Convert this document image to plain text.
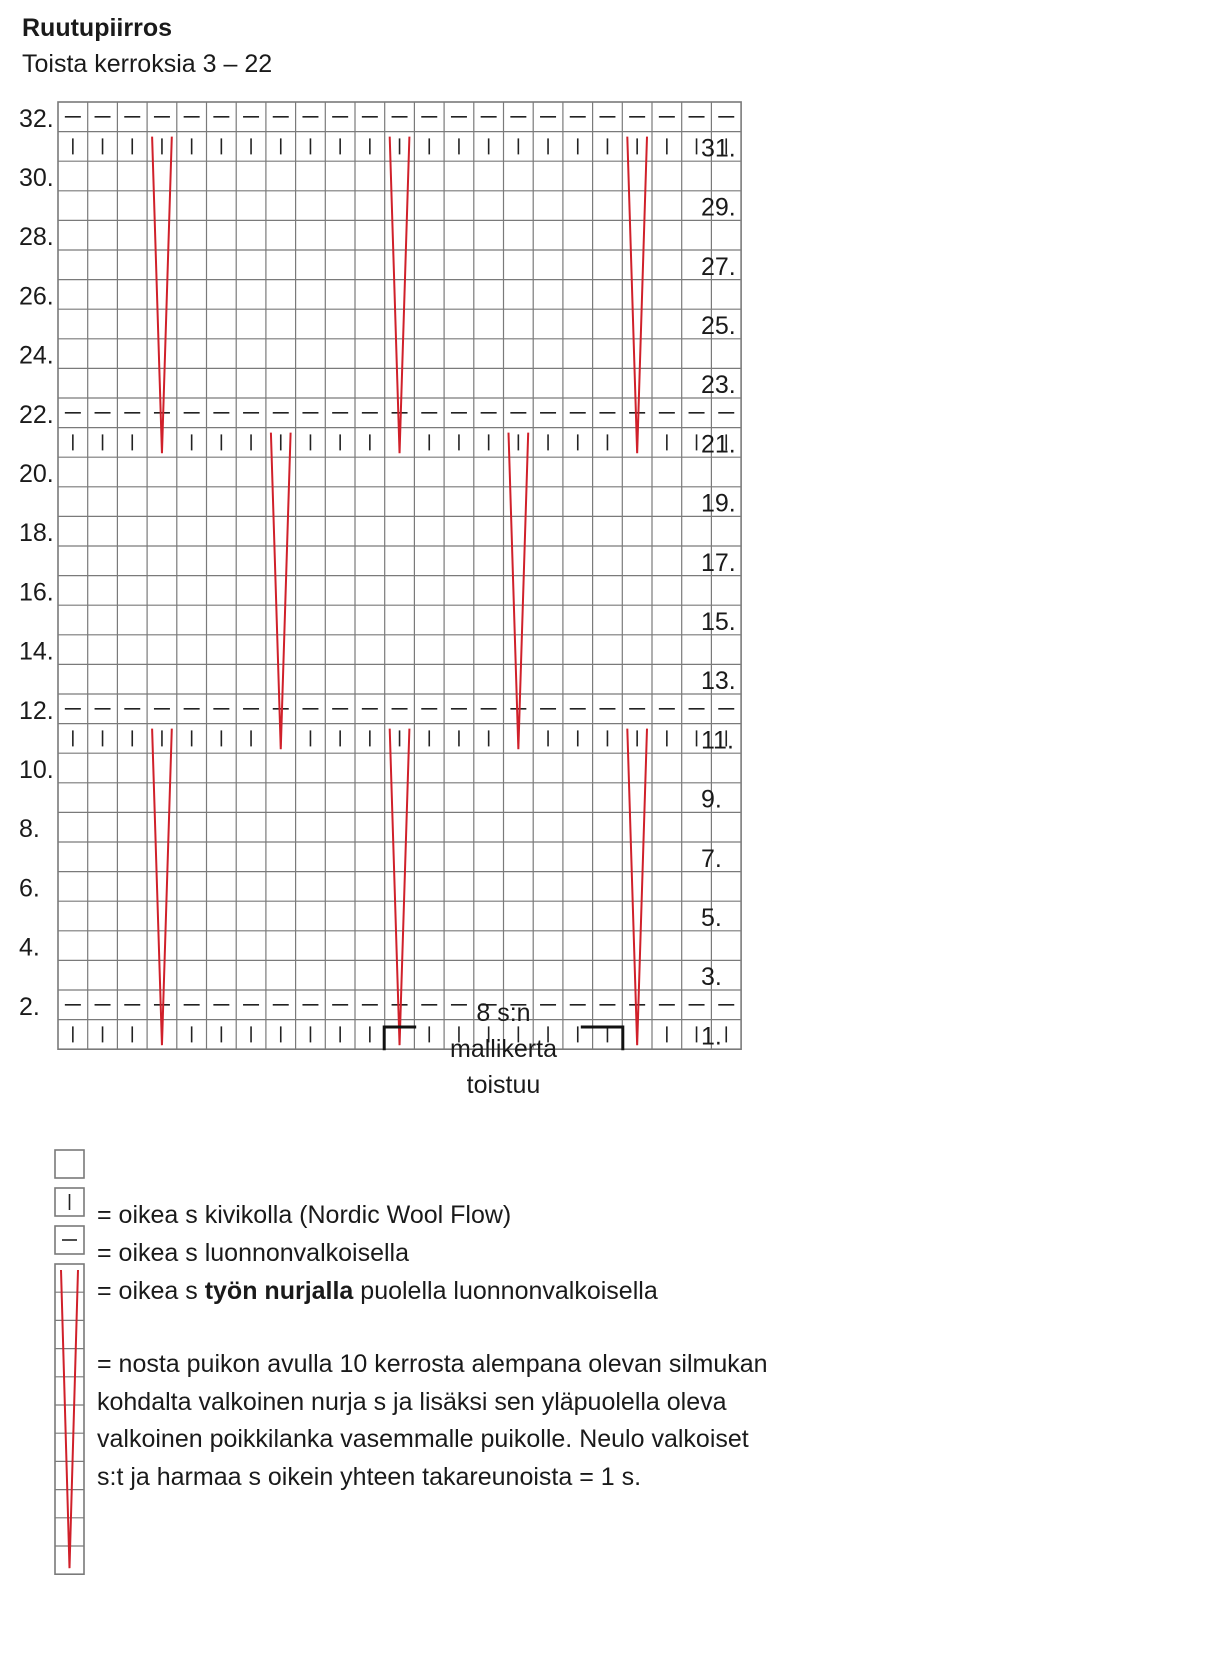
Ruutupiirros
Toista kerroksia 3 – 22
32.
30.
28.
26.
24.
22.
20.
18.
16.
14.
12.
10.
8.
6.
4.
2.
31.
29.
27.
25.
23.
21.
19.
17.
15.
13.
11.
9.
7.
5.
3.
1.
8 s:n
mallikerta
toistuu
= oikea s kivikolla (Nordic Wool Flow)
= oikea s luonnonvalkoisella
= oikea s työn nurjalla puolella luonnonvalkoisella
= nosta puikon avulla 10 kerrosta alempana olevan silmukan
kohdalta valkoinen nurja s ja lisäksi sen yläpuolella oleva
valkoinen poikkilanka vasemmalle puikolle. Neulo valkoiset
s:t ja harmaa s oikein yhteen takareunoista = 1 s.
